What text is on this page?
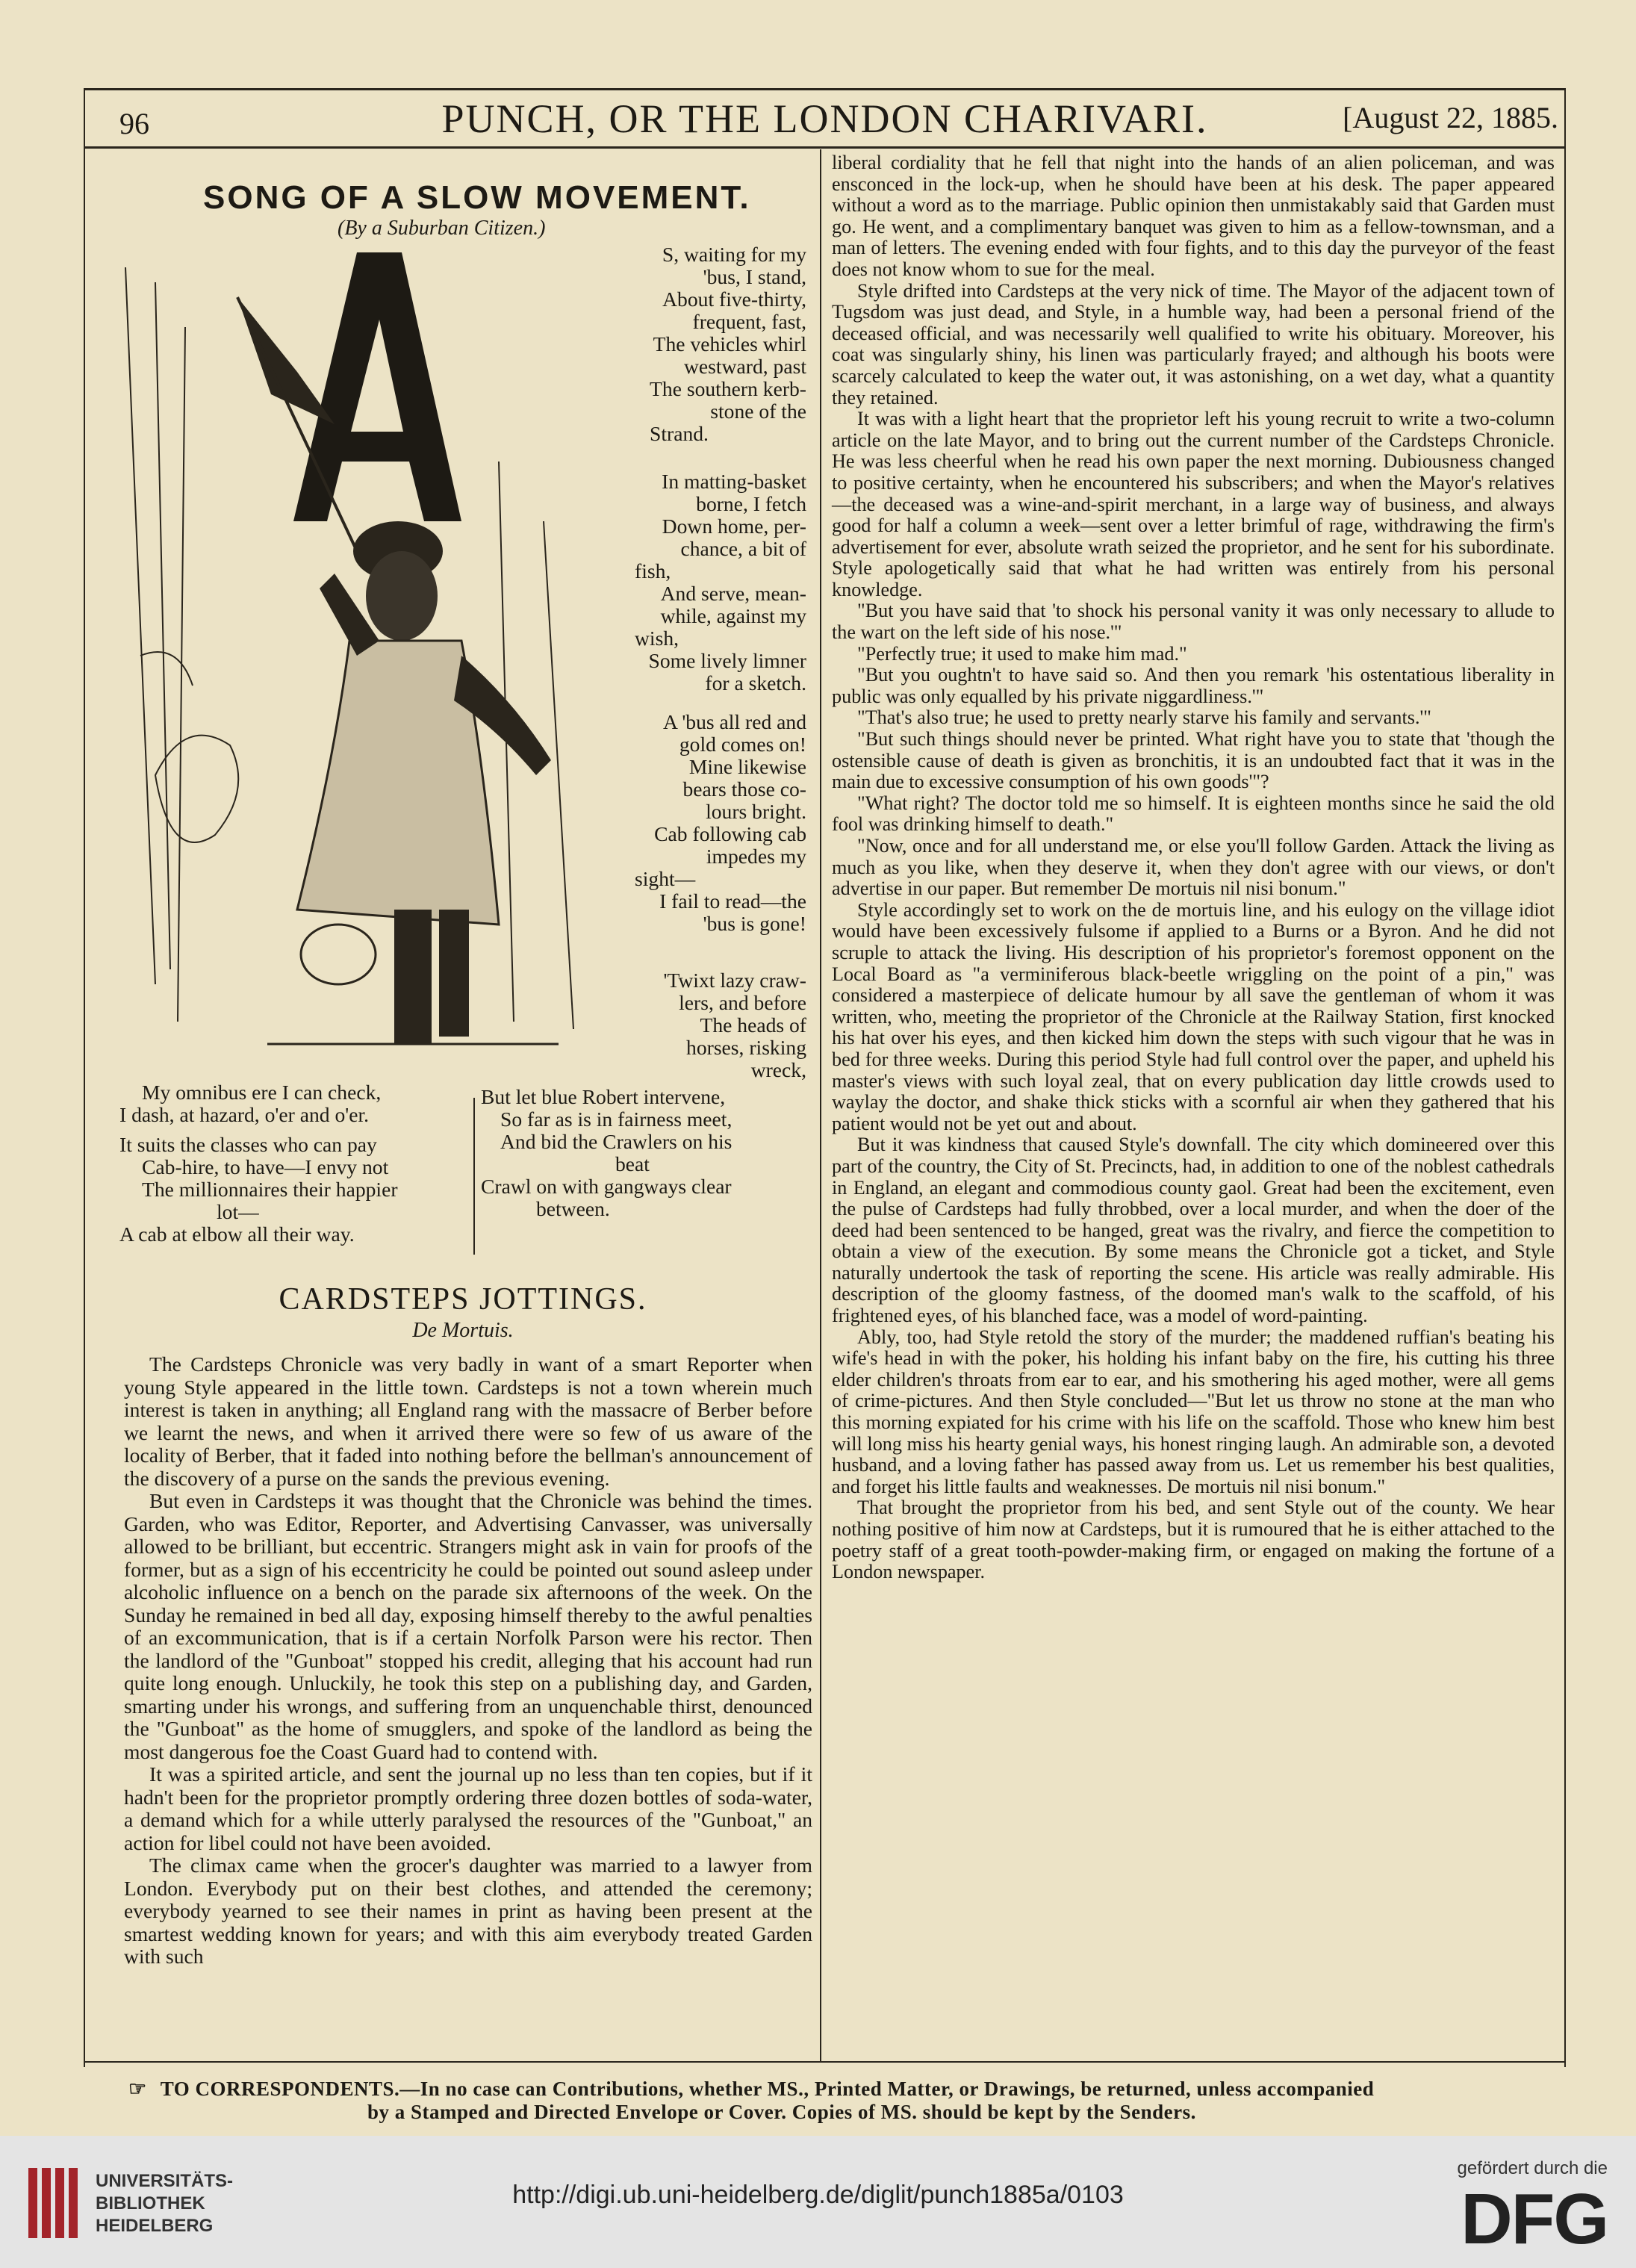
96	PUNCH, OR THE LONDON CHARIVARI.	[August 22, 1885.
SONG OF A SLOW MOVEMENT.
(By a Suburban Citizen.)
S, waiting for my
'bus, I stand,
About five-thirty,
frequent, fast,
The vehicles whirl
westward, past
The southern kerb-
stone of the
Strand.
In matting-basket
borne, I fetch
Down home, per-
chance, a bit of
fish,
And serve, mean-
while, against my
wish,
Some lively limner
for a sketch.
A 'bus all red and
gold comes on!
Mine likewise
bears those co-
lours bright.
Cab following cab
impedes my
sight—
I fail to read—the
'bus is gone!
'Twixt lazy craw-
lers, and before
The heads of
horses, risking
wreck,
My omnibus ere I can check,
I dash, at hazard, o'er and o'er.
It suits the classes who can pay
Cab-hire, to have—I envy not
The millionnaires their happier
lot—
A cab at elbow all their way.
But let blue Robert intervene,
So far as is in fairness meet,
And bid the Crawlers on his
beat
Crawl on with gangways clear
between.
CARDSTEPS JOTTINGS.
De Mortuis.

The Cardsteps Chronicle was very badly in want of a smart Reporter when young Style appeared in the little town. Cardsteps is not a town wherein much interest is taken in anything; all England rang with the massacre of Berber before we learnt the news, and when it arrived there were so few of us aware of the locality of Berber, that it faded into nothing before the bellman's announcement of the discovery of a purse on the sands the previous evening.

But even in Cardsteps it was thought that the Chronicle was behind the times. Garden, who was Editor, Reporter, and Advertising Canvasser, was universally allowed to be brilliant, but eccentric. Strangers might ask in vain for proofs of the former, but as a sign of his eccentricity he could be pointed out sound asleep under alcoholic influence on a bench on the parade six afternoons of the week. On the Sunday he remained in bed all day, exposing himself thereby to the awful penalties of an excommunication, that is if a certain Norfolk Parson were his rector. Then the landlord of the "Gunboat" stopped his credit, alleging that his account had run quite long enough. Unluckily, he took this step on a publishing day, and Garden, smarting under his wrongs, and suffering from an unquenchable thirst, denounced the "Gunboat" as the home of smugglers, and spoke of the landlord as being the most dangerous foe the Coast Guard had to contend with.

It was a spirited article, and sent the journal up no less than ten copies, but if it hadn't been for the proprietor promptly ordering three dozen bottles of soda-water, a demand which for a while utterly paralysed the resources of the "Gunboat," an action for libel could not have been avoided.

The climax came when the grocer's daughter was married to a lawyer from London. Everybody put on their best clothes, and attended the ceremony; everybody yearned to see their names in print as having been present at the smartest wedding known for years; and with this aim everybody treated Garden with such

liberal cordiality that he fell that night into the hands of an alien policeman, and was ensconced in the lock-up, when he should have been at his desk. The paper appeared without a word as to the marriage. Public opinion then unmistakably said that Garden must go. He went, and a complimentary banquet was given to him as a fellow-townsman, and a man of letters. The evening ended with four fights, and to this day the purveyor of the feast does not know whom to sue for the meal.

Style drifted into Cardsteps at the very nick of time. The Mayor of the adjacent town of Tugsdom was just dead, and Style, in a humble way, had been a personal friend of the deceased official, and was necessarily well qualified to write his obituary. Moreover, his coat was singularly shiny, his linen was particularly frayed; and although his boots were scarcely calculated to keep the water out, it was astonishing, on a wet day, what a quantity they retained.

It was with a light heart that the proprietor left his young recruit to write a two-column article on the late Mayor, and to bring out the current number of the Cardsteps Chronicle. He was less cheerful when he read his own paper the next morning. Dubiousness changed to positive certainty, when he encountered his subscribers; and when the Mayor's relatives—the deceased was a wine-and-spirit merchant, in a large way of business, and always good for half a column a week—sent over a letter brimful of rage, withdrawing the firm's advertisement for ever, absolute wrath seized the proprietor, and he sent for his subordinate. Style apologetically said that what he had written was entirely from his personal knowledge.

"But you have said that 'to shock his personal vanity it was only necessary to allude to the wart on the left side of his nose.'"

"Perfectly true; it used to make him mad."

"But you oughtn't to have said so. And then you remark 'his ostentatious liberality in public was only equalled by his private niggardliness.'"

"That's also true; he used to pretty nearly starve his family and servants.'"

"But such things should never be printed. What right have you to state that 'though the ostensible cause of death is given as bronchitis, it is an undoubted fact that it was in the main due to excessive consumption of his own goods'"?

"What right? The doctor told me so himself. It is eighteen months since he said the old fool was drinking himself to death."

"Now, once and for all understand me, or else you'll follow Garden. Attack the living as much as you like, when they deserve it, when they don't agree with our views, or don't advertise in our paper. But remember De mortuis nil nisi bonum."

Style accordingly set to work on the de mortuis line, and his eulogy on the village idiot would have been excessively fulsome if applied to a Burns or a Byron. And he did not scruple to attack the living. His description of his proprietor's foremost opponent on the Local Board as "a verminiferous black-beetle wriggling on the point of a pin," was considered a masterpiece of delicate humour by all save the gentleman of whom it was written, who, meeting the proprietor of the Chronicle at the Railway Station, first knocked his hat over his eyes, and then kicked him down the steps with such vigour that he was in bed for three weeks. During this period Style had full control over the paper, and upheld his master's views with such loyal zeal, that on every publication day little crowds used to waylay the doctor, and shake thick sticks with a scornful air when they gathered that his patient would not be yet out and about.

But it was kindness that caused Style's downfall. The city which domineered over this part of the country, the City of St. Precincts, had, in addition to one of the noblest cathedrals in England, an elegant and commodious county gaol. Great had been the excitement, even the pulse of Cardsteps had fully throbbed, over a local murder, and when the doer of the deed had been sentenced to be hanged, great was the rivalry, and fierce the competition to obtain a view of the execution. By some means the Chronicle got a ticket, and Style naturally undertook the task of reporting the scene. His article was really admirable. His description of the gloomy fastness, of the doomed man's walk to the scaffold, of his frightened eyes, of his blanched face, was a model of word-painting.

Ably, too, had Style retold the story of the murder; the maddened ruffian's beating his wife's head in with the poker, his holding his infant baby on the fire, his cutting his three elder children's throats from ear to ear, and his smothering his aged mother, were all gems of crime-pictures. And then Style concluded—"But let us throw no stone at the man who this morning expiated for his crime with his life on the scaffold. Those who knew him best will long miss his hearty genial ways, his honest ringing laugh. An admirable son, a devoted husband, and a loving father has passed away from us. Let us remember his best qualities, and forget his little faults and weaknesses. De mortuis nil nisi bonum."

That brought the proprietor from his bed, and sent Style out of the county. We hear nothing positive of him now at Cardsteps, but it is rumoured that he is either attached to the poetry staff of a great tooth-powder-making firm, or engaged on making the fortune of a London newspaper.

☞ TO CORRESPONDENTS.—In no case can Contributions, whether MS., Printed Matter, or Drawings, be returned, unless accompanied
by a Stamped and Directed Envelope or Cover. Copies of MS. should be kept by the Senders.
UNIVERSITÄTS-
BIBLIOTHEK
HEIDELBERG
http://digi.ub.uni-heidelberg.de/diglit/punch1885a/0103
gefördert durch die
DFG
